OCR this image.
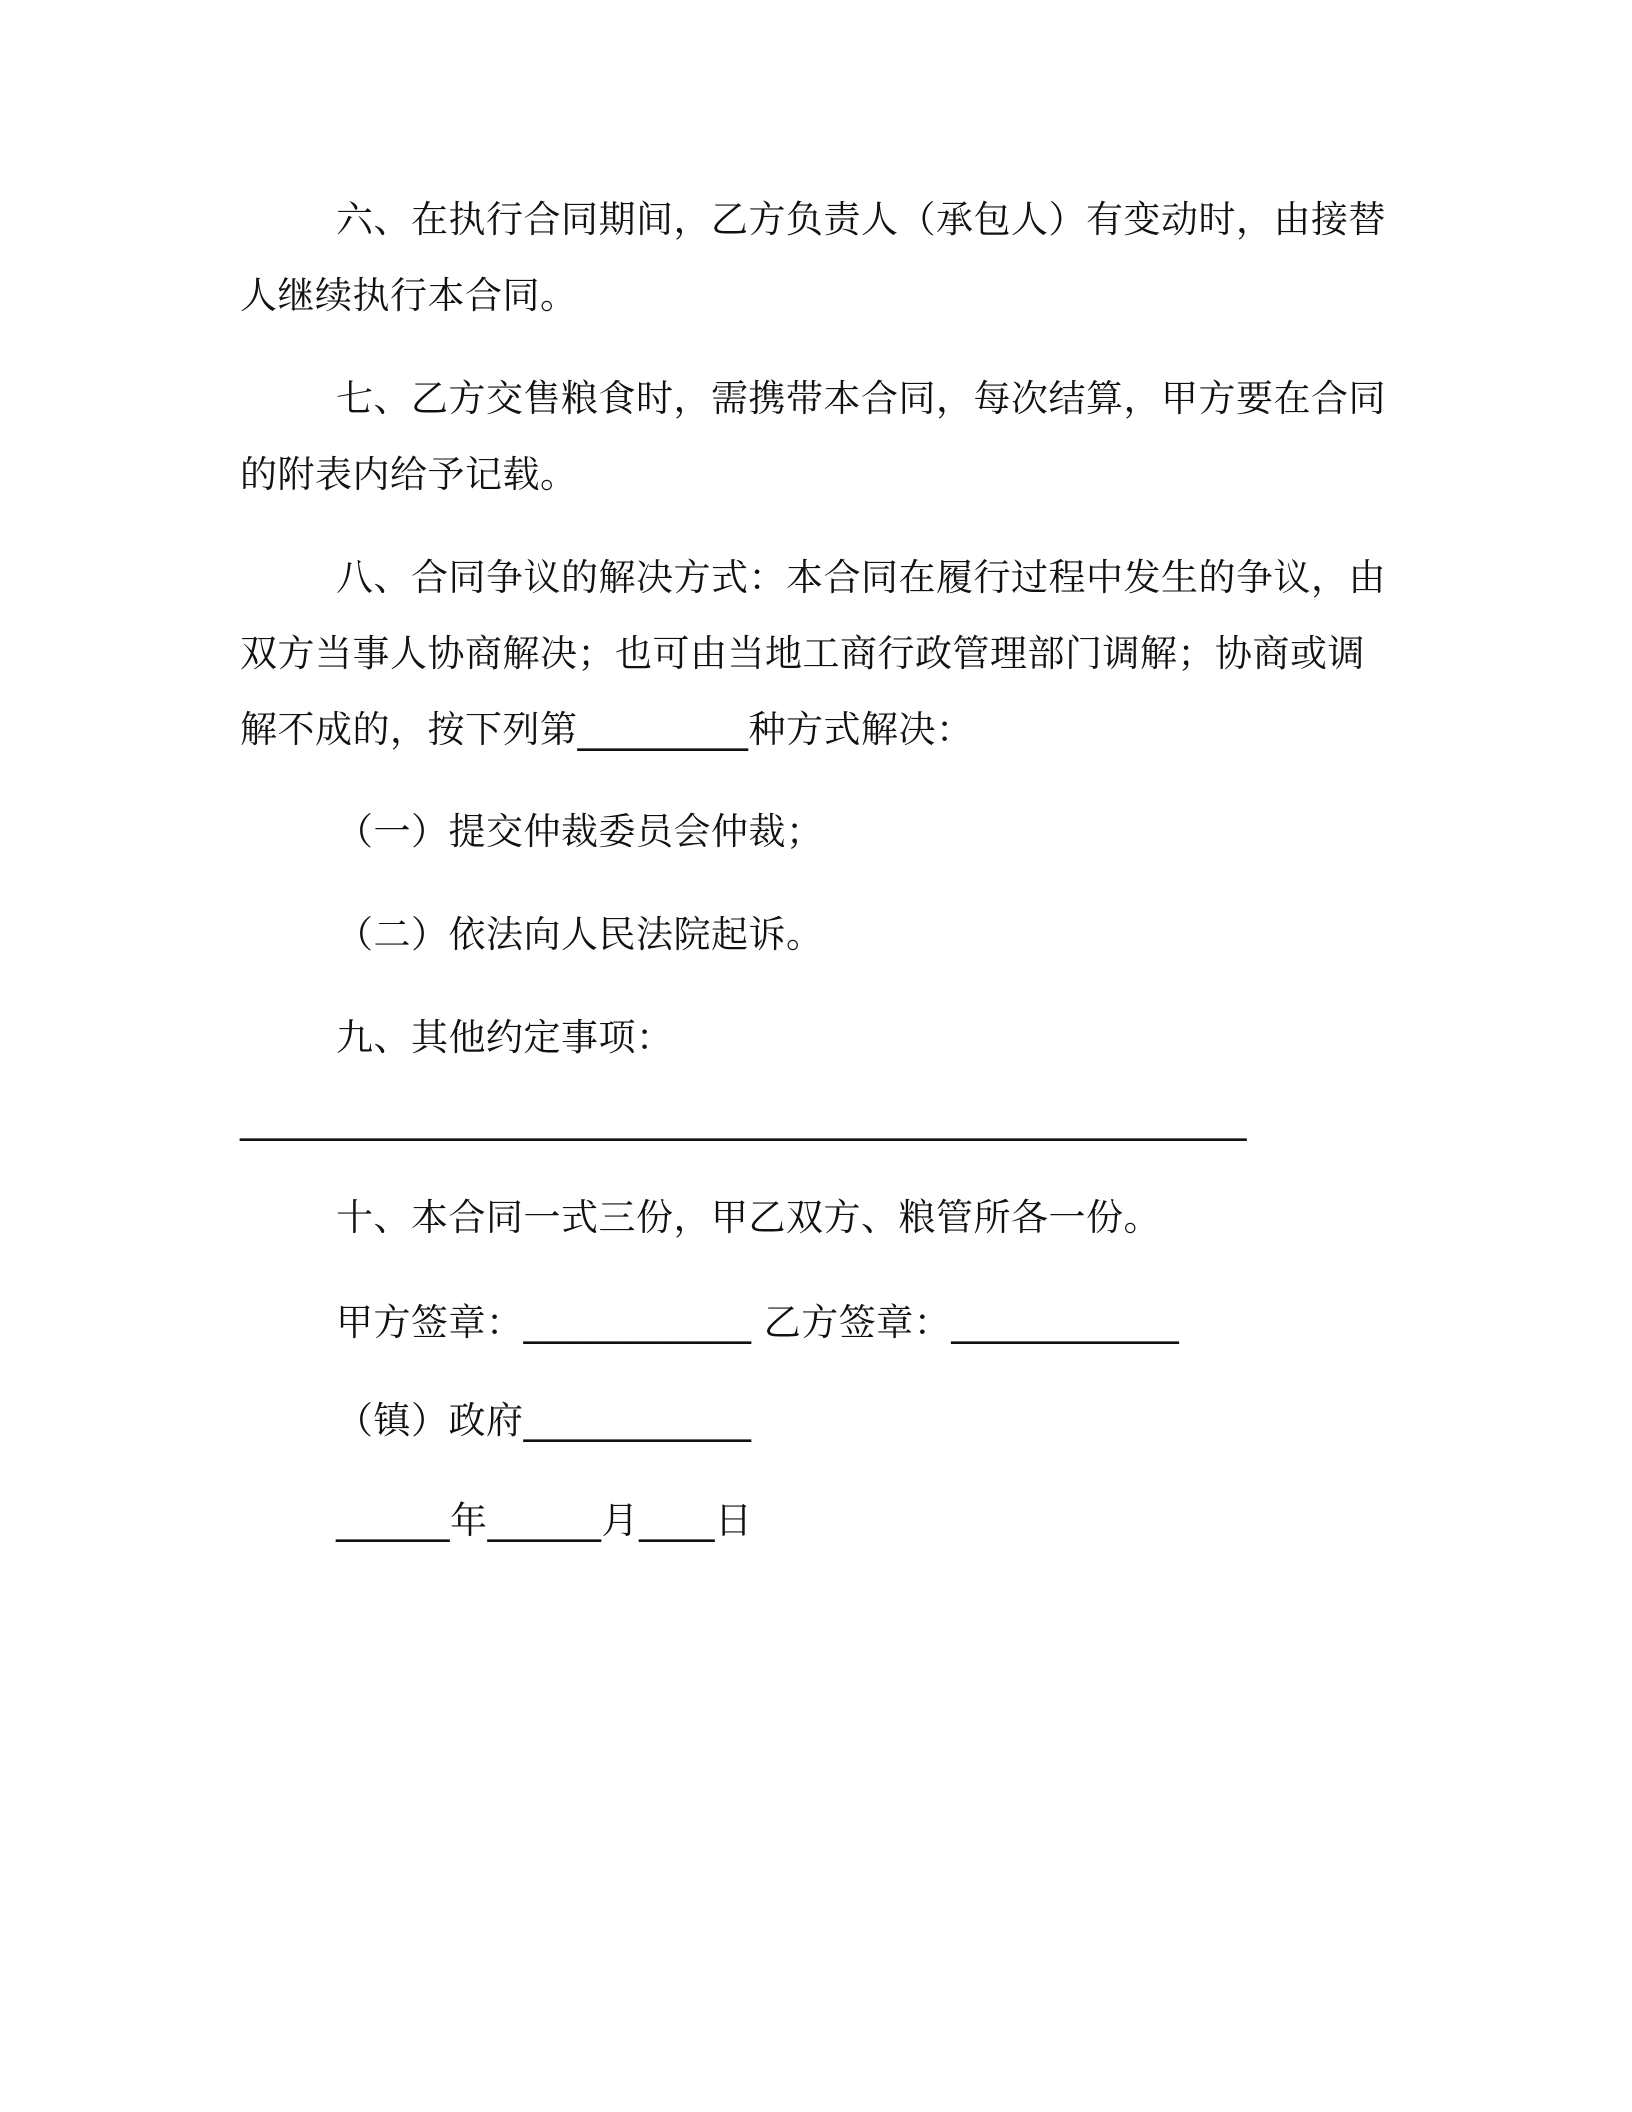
六、在执行合同期间，乙方负责人（承包人）有变动时，由接替
人继续执行本合同。
七、乙方交售粮食时，需携带本合同，每次结算，甲方要在合同
的附表内给予记载。
八、合同争议的解决方式：本合同在履行过程中发生的争议，由
双方当事人协商解决；也可由当地工商行政管理部门调解；协商或调
解不成的，按下列第_________种方式解决：
（一）提交仲裁委员会仲裁；
（二）依法向人民法院起诉。
九、其他约定事项：
_____________________________________________________
十、本合同一式三份，甲乙双方、粮管所各一份。
甲方签章：____________ 乙方签章：____________
（镇）政府____________
______年______月____日
